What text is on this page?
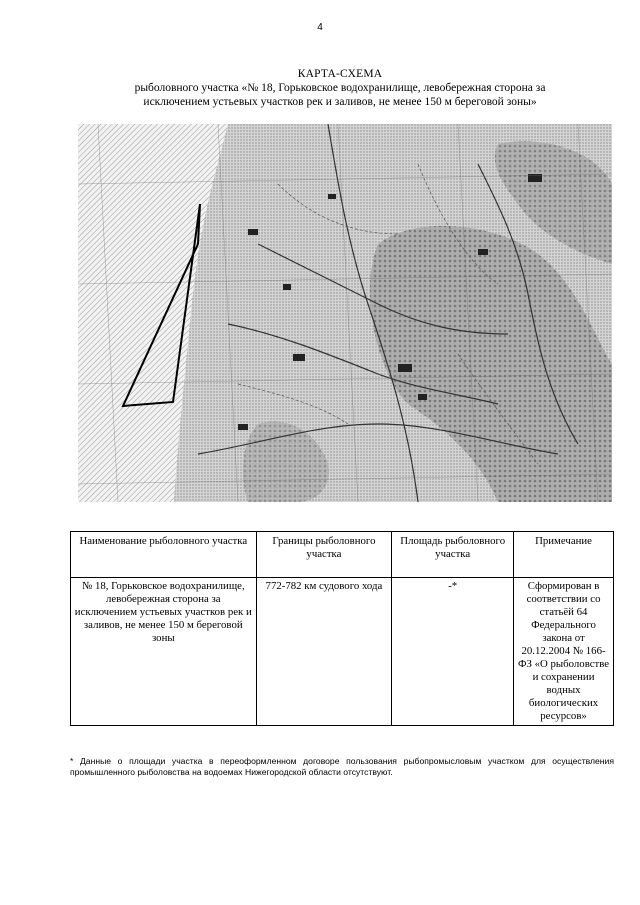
4
КАРТА-СХЕМА
рыболовного участка «№ 18, Горьковское водохранилище, левобережная сторона за
исключением устьевых участков рек и заливов, не менее 150 м береговой зоны»
Наименование рыболовного участка	Границы рыболовного участка	Площадь рыболовного участка	Примечание
№ 18, Горьковское водохранилище, левобережная сторона за исключением устьевых участков рек и заливов, не менее 150 м береговой зоны	772-782 км судового хода	-*	Сформирован в соответствии со статьёй 64 Федерального закона от 20.12.2004 № 166-ФЗ «О рыболовстве и сохранении водных биологических ресурсов»
* Данные о площади участка в переоформленном договоре пользования рыбопромысловым участком для осуществления промышленного рыболовства на водоемах Нижегородской области отсутствуют.
